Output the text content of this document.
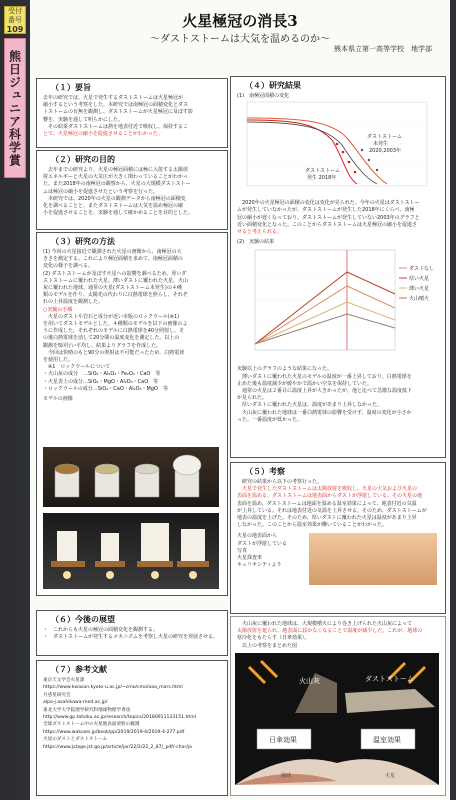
受付番号
109
熊日ジュニア科学賞
火星極冠の消長3
〜ダストストームは大気を温めるのか〜
熊本県立第一高等学校　地学部
（１）要旨
去年の研究では、火星で発生するダストストームは火星極冠が
縮小するという考察をした。本研究では南極冠の面積変化とダス
トストームの有無を観測し、ダストストームが火星極冠に及ぼす影
響を、実験を通して明らかにした。
　その結果ダストストームは熱を地表付近で吸収し、保持するこ
とで、火星極冠の縮小を促進させることがわかった。
（２）研究の目的
　去年までの研究より、火星の極冠面積には極に入射する太陽放
射エネルギーと火星の大気圧が大きく関わっていることがわかっ
た。また2018年の南極冠の観察から、火星の大規模ダストストー
ムは極冠の縮小を促進させたという考察を行った。
　本研究では、2020年の火星の観測データから南極冠の面積変
化を調べることと、またダストストームは大気を温め極冠の縮
小を促進させることを、実験を通して確かめることを目的とした。
（３）研究の方法
(1) 今回の火星接近で観測された火星の画像から、南極冠の大
きさを測定する。これにより極冠面積を求めて、南極冠面積の
変化の様子を調べる。
(2) ダストストームが及ぼす火星への影響を調べるため、厚いダ
ストストームに覆われた火星、薄いダストに覆われた火星、火山
灰に覆われた地球、通常の火星(ダストストーム未発生)の４種
類のモデルを作り、太陽光の代わりに白熱電球を照らし、それぞ
れの上昇温度を観測した。
○実験の手順
　火星のダストや岩石と成分が近い市販のロックウール(※1)
を用いてダストモデルとした。４種類のモデルを以下の画像のよ
うに作成した。それぞれのモデルに白熱電球を40分照射し、そ
の後白熱電球を消して20分間の温度変化を測定した。以上の
観測を5回行い平均し、結果よりグラフを作成した。
　今回は快晴のもと90分の照射は不可能だったため、白熱電球
を使用した。
　※1　ロックウールについて
・火山灰の成分　…SiO₂・Al₂O₃・Fe₂O₃・CaO　等
・火星表土の成分…SiO₂・MgO・Al₂O₃・CaO　等
・ロックウールの成分…SiO₂・CaO・Al₂O₃・MgO　等
モデルの画像
（４）研究結果
(1)　南極冠面積の変化
ダストストーム
未発生
2020,2003年
ダストストーム
発生 2018年
　2020年の火星極冠の面積の変化は変化が見られた。今年の火星はダストストー
ムが発生していなかったが、ダストストームが発生した2018年にくらべ、南極
冠の縮小が遅くなっており、ダストストームが発生していない2003年のグラフと
近い面積変化となった。このことからダストストームは火星極冠の縮小を促進さ
せると考えられる。
(2)　実験の結果
ダストなし
厚い火星
薄い火星
火山噴火
実験以上のグラフのような結果になった。
　薄いダストに覆われた火星のモデルの温度が一番上昇しており、白熱電球を
止めた後も温度減少が緩やかで温かい空気を保持していた。
　通常の火星は２番目に温度上昇が大きかったが、他と比べて急激な温度低下
が見られた。
　厚いダストに覆われた火星は、温度があまり上昇しなかった。
　火山灰に覆われた地球は一番白熱電球の影響を受けず、温度の変化が小さか
った。一番温度が低かった。
（５）考察
　研究の結果から以下の考察行った。
　火星で発生したダストストームは太陽放射を吸収し、火星の大気および火星の
表面を温める。ダストストームは地表面からダストが浮遊している。その火星の地
表面を温め、ダストストームは地面を温める温室効果によって、地表付近の気温
が上昇している。それは地表付近の気温を上昇させる。そのため、ダストストームが
地表の温度を上げた。そのため、厚いダストに覆われた火星は温度があまり上昇
しなかった。このことから温室効果が働いていることがわかった。
火星の地表面から
ダストが浮遊している
写真
火星探査車
キュリオシティより
　火山灰に覆われた地球は、大規模噴火により巻き上げられた火山灰によって
太陽放射を遮られ、地表面に届かなくなることで温度が減少した。これが、地球の
寒冷化をもたらす（日傘効果）。
　以上の考察をまとめた図
火山灰	ダストストーム
日傘効果	温室効果
地球	火星
（６）今後の展望
・　これからも火星の極冠の面積変化を観測する。
・　ダストストームが発生するメカニズムを考察し火星の研究を発展させる。
（７）参考文献
東京天文学会火星課
https://www.kwasan.kyoto-u.ac.jp/~cmo/cmo/oaa_mars.html
月惑星研究会
alpo-j.asahikawa-med.ac.jp/
東北大学大学院理学研究科地球物理学専攻
http://www.gp.tohoku.ac.jp/research/topics/20180911133151.html
全球ダストストーム中の火星地表面放射の観測
https://www.wakusei.jp/book/pp/2019/2019-4/2019-4-277.pdf
火星のダストとダストストーム
https://www.jstage.jst.go.jp/article/jar/22/2/22_2_87/_pdf/-char/ja
